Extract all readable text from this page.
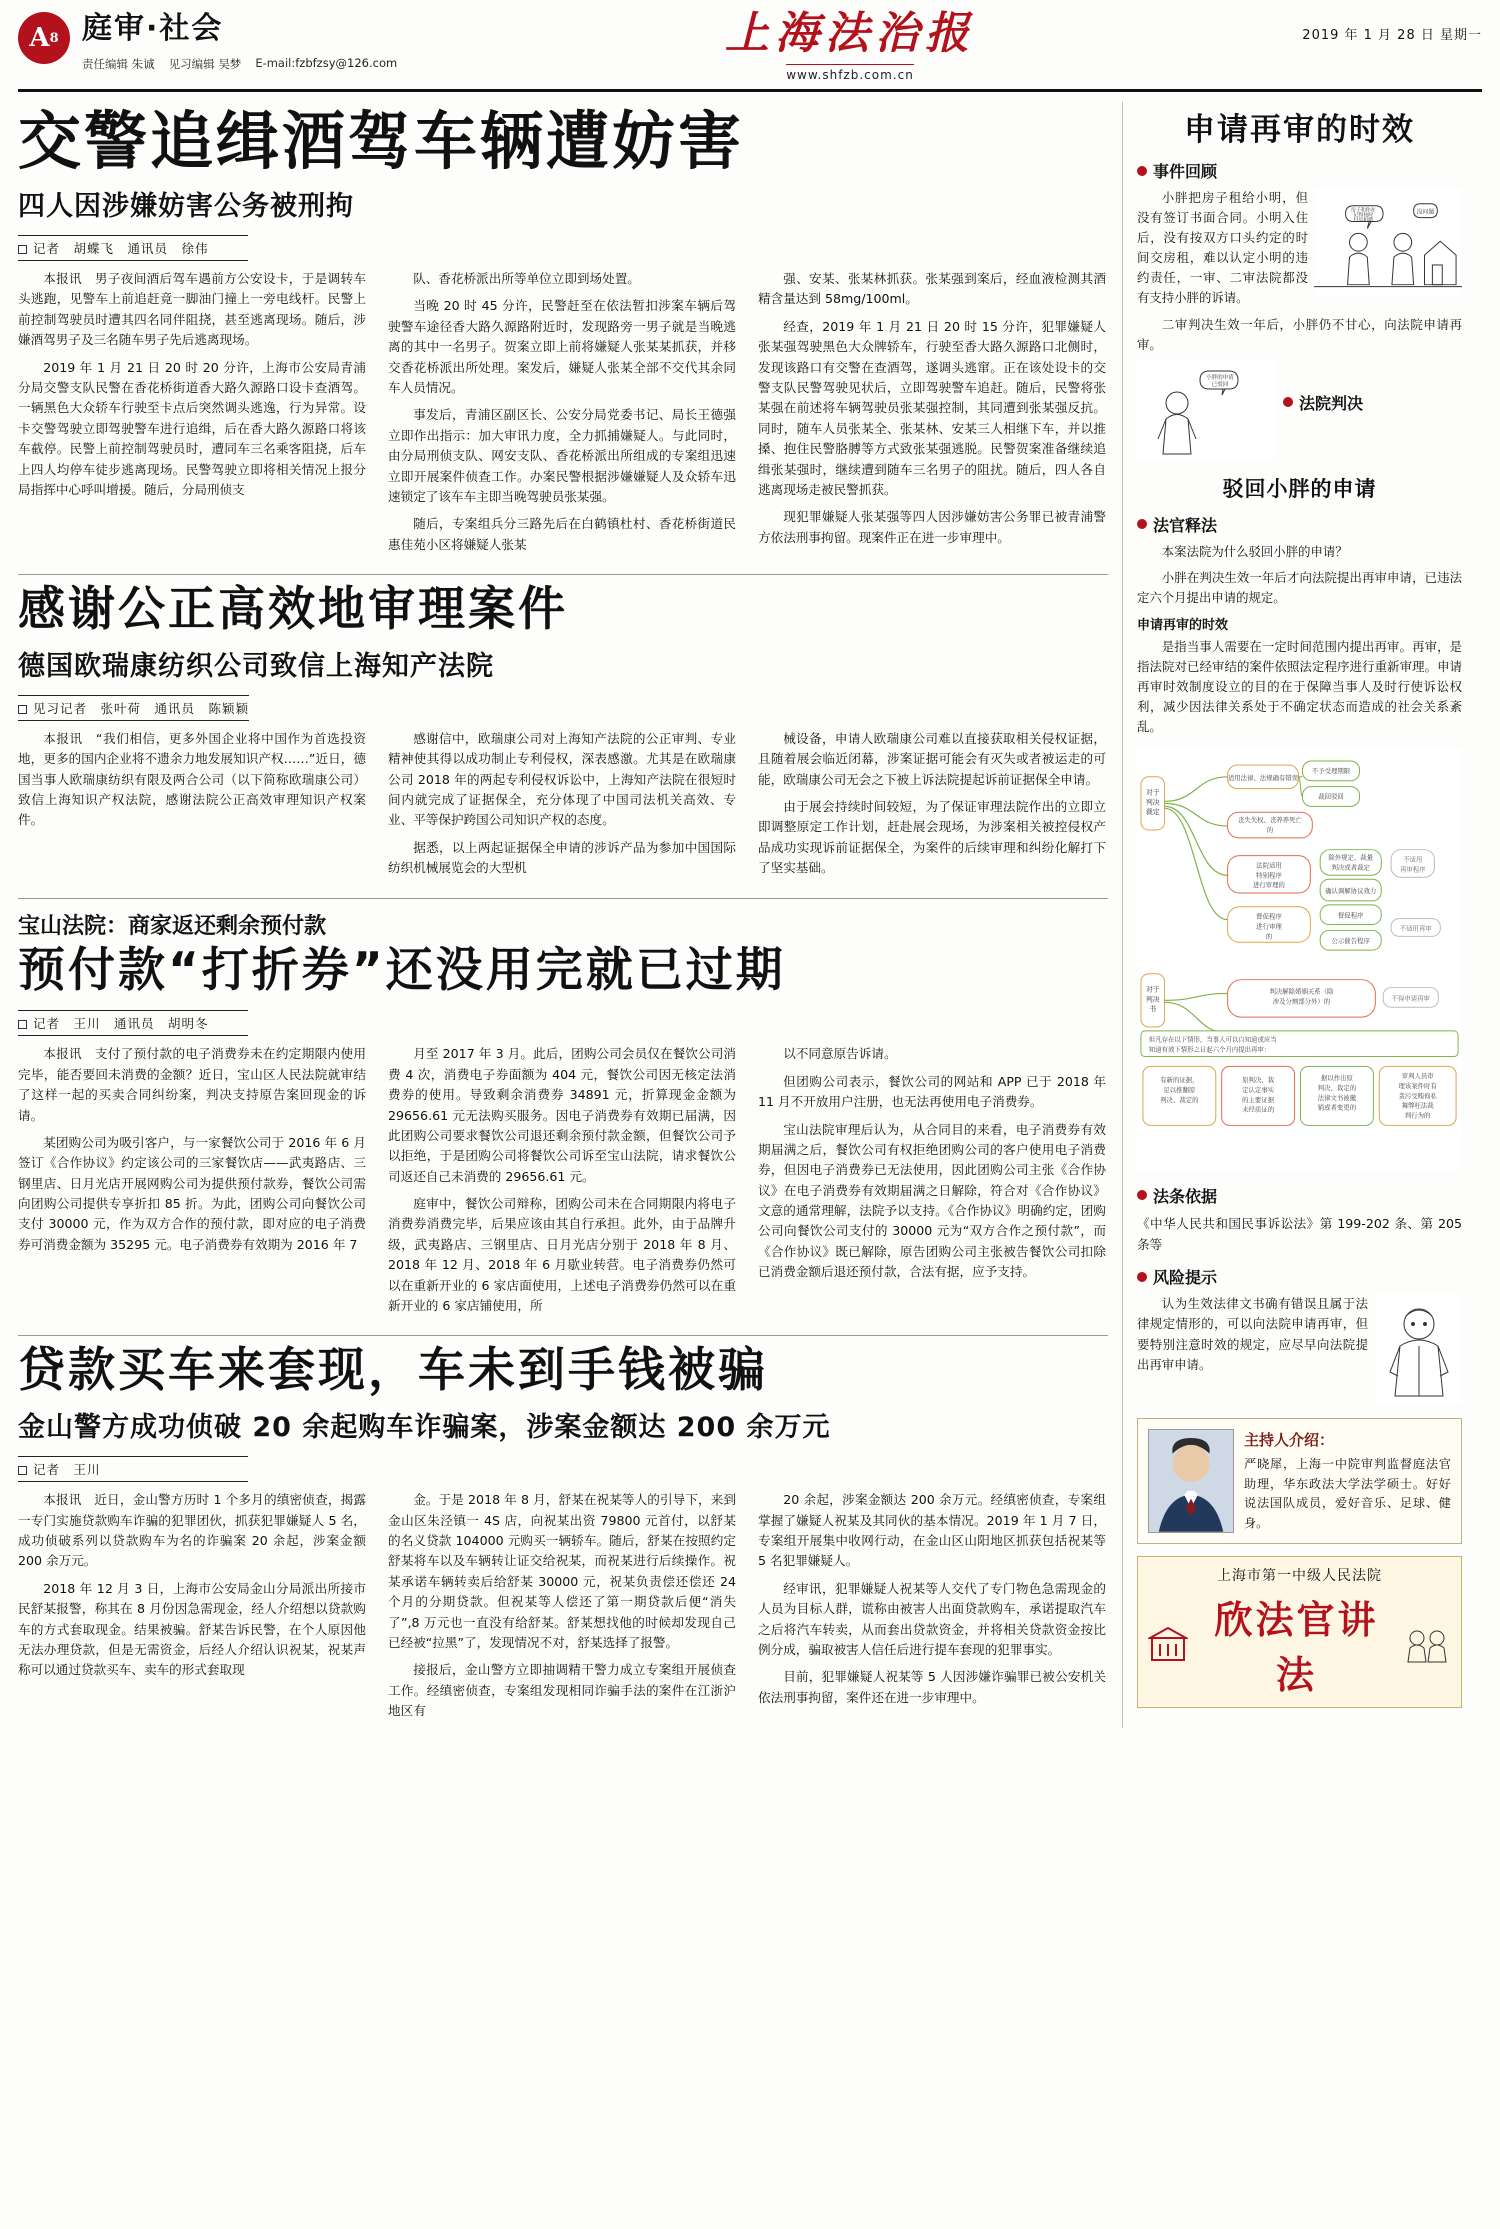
A 8 庭审·社会
责任编辑 朱诚 见习编辑 吴梦 E-mail:fzbfzsy@126.com
上海法治报
www.shfzb.com.cn
2019 年 1 月 28 日 星期一
交警追缉酒驾车辆遭妨害
四人因涉嫌妨害公务被刑拘
记者　胡蝶飞　通讯员　徐伟

本报讯　男子夜间酒后驾车遇前方公安设卡，于是调转车头逃跑，见警车上前追赶竟一脚油门撞上一旁电线杆。民警上前控制驾驶员时遭其四名同伴阻挠，甚至逃离现场。随后，涉嫌酒驾男子及三名随车男子先后逃离现场。

2019 年 1 月 21 日 20 时 20 分许，上海市公安局青浦分局交警支队民警在香花桥街道香大路久源路口设卡查酒驾。一辆黑色大众轿车行驶至卡点后突然调头逃逸，行为异常。设卡交警驾驶立即驾驶警车进行追缉，后在香大路久源路口将该车截停。民警上前控制驾驶员时，遭同车三名乘客阻挠，后车上四人均停车徒步逃离现场。民警驾驶立即将相关情况上报分局指挥中心呼叫增援。随后，分局刑侦支

队、香花桥派出所等单位立即到场处置。

当晚 20 时 45 分许，民警赶至在依法暂扣涉案车辆后驾驶警车途径香大路久源路附近时，发现路旁一男子就是当晚逃离的其中一名男子。贺案立即上前将嫌疑人张某某抓获，并移交香花桥派出所处理。案发后，嫌疑人张某全部不交代其余同车人员情况。

事发后，青浦区副区长、公安分局党委书记、局长王德强立即作出指示：加大审讯力度，全力抓捕嫌疑人。与此同时，由分局刑侦支队、网安支队、香花桥派出所组成的专案组迅速立即开展案件侦查工作。办案民警根据涉嫌嫌疑人及众轿车迅速锁定了该车车主即当晚驾驶员张某强。

随后，专案组兵分三路先后在白鹤镇杜村、香花桥街道民惠佳苑小区将嫌疑人张某

强、安某、张某林抓获。张某强到案后，经血液检测其酒精含量达到 58mg/100ml。

经查，2019 年 1 月 21 日 20 时 15 分许，犯罪嫌疑人张某强驾驶黑色大众牌轿车，行驶至香大路久源路口北侧时，发现该路口有交警在查酒驾，遂调头逃窜。正在该处设卡的交警支队民警驾驶见状后，立即驾驶警车追赶。随后，民警将张某强在前述将车辆驾驶员张某强控制，其同遭到张某强反抗。同时，随车人员张某全、张某林、安某三人相继下车，并以推搡、抱住民警胳膊等方式致张某强逃脱。民警贺案准备继续追缉张某强时，继续遭到随车三名男子的阻扰。随后，四人各自逃离现场走被民警抓获。

现犯罪嫌疑人张某强等四人因涉嫌妨害公务罪已被青浦警方依法刑事拘留。现案件正在进一步审理中。

感谢公正高效地审理案件
德国欧瑞康纺织公司致信上海知产法院
见习记者　张叶荷　通讯员　陈颖颖

本报讯　“我们相信，更多外国企业将中国作为首选投资地，更多的国内企业将不遗余力地发展知识产权……”近日，德国当事人欧瑞康纺织有限及两合公司（以下简称欧瑞康公司）致信上海知识产权法院，感谢法院公正高效审理知识产权案件。

感谢信中，欧瑞康公司对上海知产法院的公正审判、专业精神使其得以成功制止专利侵权，深表感激。尤其是在欧瑞康公司 2018 年的两起专利侵权诉讼中，上海知产法院在很短时间内就完成了证据保全，充分体现了中国司法机关高效、专业、平等保护跨国公司知识产权的态度。

据悉，以上两起证据保全申请的涉诉产品为参加中国国际纺织机械展览会的大型机

械设备，申请人欧瑞康公司难以直接获取相关侵权证据，且随着展会临近闭幕，涉案证据可能会有灭失或者被运走的可能，欧瑞康公司无会之下被上诉法院提起诉前证据保全申请。

由于展会持续时间较短，为了保证审理法院作出的立即立即调整原定工作计划，赶赴展会现场，为涉案相关被控侵权产品成功实现诉前证据保全，为案件的后续审理和纠纷化解打下了坚实基础。

宝山法院：商家返还剩余预付款
预付款“打折券”还没用完就已过期
记者　王川　通讯员　胡明冬

本报讯　支付了预付款的电子消费券未在约定期限内使用完毕，能否要回未消费的金额？近日，宝山区人民法院就审结了这样一起的买卖合同纠纷案，判决支持原告案回现金的诉请。

某团购公司为吸引客户，与一家餐饮公司于 2016 年 6 月签订《合作协议》约定该公司的三家餐饮店——武夷路店、三钢里店、日月光店开展网购公司为提供预付款券，餐饮公司需向团购公司提供专享折扣 85 折。为此，团购公司向餐饮公司支付 30000 元，作为双方合作的预付款，即对应的电子消费券可消费金额为 35295 元。电子消费券有效期为 2016 年 7

月至 2017 年 3 月。此后，团购公司会员仅在餐饮公司消费 4 次，消费电子券面额为 404 元，餐饮公司因无核定法消费券的使用。导致剩余消费券 34891 元，折算现金金额为 29656.61 元无法购买服务。因电子消费券有效期已届满，因此团购公司要求餐饮公司退还剩余预付款金额，但餐饮公司予以拒绝，于是团购公司将餐饮公司诉至宝山法院，请求餐饮公司返还自己未消费的 29656.61 元。

庭审中，餐饮公司辩称，团购公司未在合同期限内将电子消费券消费完毕，后果应该由其自行承担。此外，由于品牌升级，武夷路店、三钢里店、日月光店分别于 2018 年 8 月、2018 年 12 月、2018 年 6 月歇业转营。电子消费券仍然可以在重新开业的 6 家店面使用，上述电子消费券仍然可以在重新开业的 6 家店铺使用，所

以不同意原告诉请。

但团购公司表示，餐饮公司的网站和 APP 已于 2018 年 11 月不开放用户注册，也无法再使用电子消费券。

宝山法院审理后认为，从合同目的来看，电子消费券有效期届满之后，餐饮公司有权拒绝团购公司的客户使用电子消费券，但因电子消费券已无法使用，因此团购公司主张《合作协议》在电子消费券有效期届满之日解除，符合对《合作协议》文意的通常理解，法院予以支持。《合作协议》明确约定，团购公司向餐饮公司支付的 30000 元为“双方合作之预付款”，而《合作协议》既已解除，原告团购公司主张被告餐饮公司扣除已消费金额后退还预付款，合法有据，应予支持。

贷款买车来套现，车未到手钱被骗
金山警方成功侦破 20 余起购车诈骗案，涉案金额达 200 余万元
记者　王川

本报讯　近日，金山警方历时 1 个多月的缜密侦查，揭露一专门实施贷款购车诈骗的犯罪团伙，抓获犯罪嫌疑人 5 名，成功侦破系列以贷款购车为名的诈骗案 20 余起，涉案金额 200 余万元。

2018 年 12 月 3 日，上海市公安局金山分局派出所接市民舒某报警，称其在 8 月份因急需现金，经人介绍想以贷款购车的方式套取现金。结果被骗。舒某告诉民警，在个人原因他无法办理贷款，但是无需资金，后经人介绍认识祝某，祝某声称可以通过贷款买车、卖车的形式套取现

金。于是 2018 年 8 月，舒某在祝某等人的引导下，来到金山区朱泾镇一 4S 店，向祝某出资 79800 元首付，以舒某的名义贷款 104000 元购买一辆轿车。随后，舒某在按照约定舒某将车以及车辆转让证交给祝某，而祝某进行后续操作。祝某承诺车辆转卖后给舒某 30000 元，祝某负责偿还偿还 24 个月的分期贷款。但祝某等人偿还了第一期贷款后便“消失了”,8 万元也一直没有给舒某。舒某想找他的时候却发现自己已经被“拉黑”了，发现情况不对，舒某选择了报警。

接报后，金山警方立即抽调精干警力成立专案组开展侦查工作。经缜密侦查，专案组发现相同诈骗手法的案件在江浙沪地区有

20 余起，涉案金额达 200 余万元。经缜密侦查，专案组掌握了嫌疑人祝某及其同伙的基本情况。2019 年 1 月 7 日，专案组开展集中收网行动，在金山区山阳地区抓获包括祝某等 5 名犯罪嫌疑人。

经审讯，犯罪嫌疑人祝某等人交代了专门物色急需现金的人员为目标人群，谎称由被害人出面贷款购车，承诺提取汽车之后将汽车转卖，从而套出贷款资金，并将相关贷款资金按比例分成，骗取被害人信任后进行提车套现的犯罪事实。

目前，犯罪嫌疑人祝某等 5 人因涉嫌诈骗罪已被公安机关依法刑事拘留，案件还在进一步审理中。

申请再审的时效
事件回顾

小胖把房子租给小明，但没有签订书面合同。小明入住后，没有按双方口头约定的时间交房租，难以认定小明的违约责任，一审、二审法院都没有支持小胖的诉请。

房子和你在
记得按时
付房租哦
没问题

二审判决生效一年后，小胖仍不甘心，向法院申请再审。

小胖的申请
已驳回
法院判决
驳回小胖的申请
法官释法

本案法院为什么驳回小胖的申请？

小胖在判决生效一年后才向法院提出再审申请，已违法定六个月提出申请的规定。

申请再审的时效

是指当事人需要在一定时间范围内提出再审。再审，是指法院对已经审结的案件依照法定程序进行重新审理。申请再审时效制度设立的目的在于保障当事人及时行使诉讼权利，减少因法律关系处于不确定状态而造成的社会关系紊乱。

对于
判决
裁定
对于
判决
书
适用法律、法规确有错误
不予受理期限
裁回驳回
丧失失权、丧养养死亡
的
法院适用
特别程序
进行审理的
除外规定、裁量
判决或者裁定
确认调解协议效力
不适用
再审程序
督促程序
进行审理
的
督促程序
公示催告程序
不适用再审
判决解除婚姻关系（除
涉及分割部分外）的	不得申请再审
但凡存在以下情形，当事人可以自知道或应当
知道有效下情形之日起六个月内提出再审：
有新的证据，
足以推翻原
判决、裁定的
原判决、裁
定认定事实
的主要证据
未经质证的
据以作出原
判决、裁定的
法律文书被撤
销或者变更的
审判人员审
理该案件时有
贪污受贿徇私
舞弊枉法裁
判行为的
法条依据
《中华人民共和国民事诉讼法》第 199-202 条、第 205 条等
风险提示

认为生效法律文书确有错误且属于法律规定情形的，可以向法院申请再审，但要特别注意时效的规定，应尽早向法院提出再审申请。

主持人介绍：
严晓犀，上海一中院审判监督庭法官助理，华东政法大学法学硕士。好好说法国队成员，爱好音乐、足球、健身。
上海市第一中级人民法院
欣法官讲法
